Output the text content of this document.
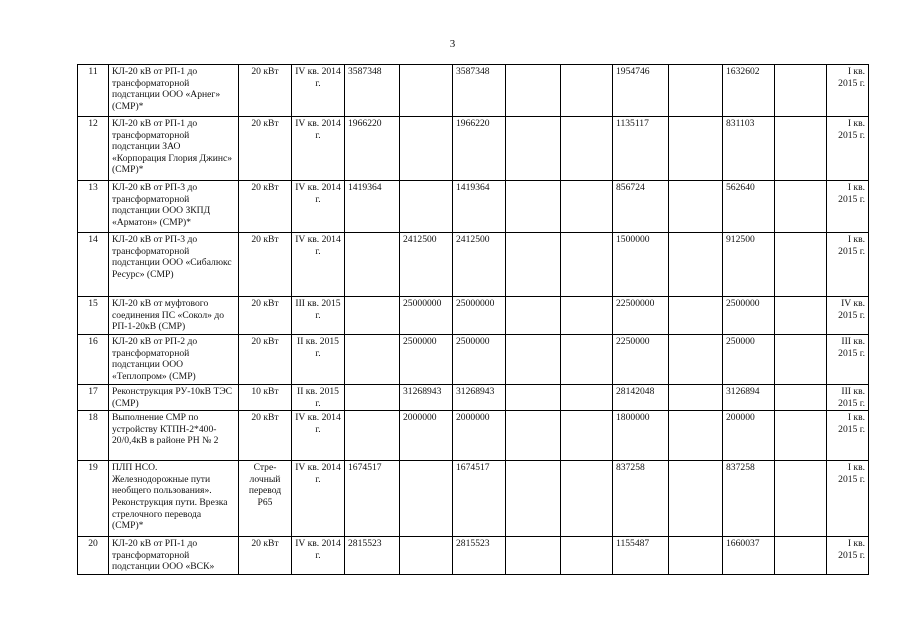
3
11	КЛ-20 кВ от РП-1 до трансформаторной подстанции ООО «Арнег» (СМР)*	20 кВт	IV кв. 2014 г.	3587348		3587348			1954746		1632602		I кв. 2015 г.
12	КЛ-20 кВ от РП-1 до трансформаторной подстанции ЗАО «Корпорация Глория Джинс» (СМР)*	20 кВт	IV кв. 2014 г.	1966220		1966220			1135117		831103		I кв. 2015 г.
13	КЛ-20 кВ от РП-3 до трансформаторной подстанции ООО ЗКПД «Арматон» (СМР)*	20 кВт	IV кв. 2014 г.	1419364		1419364			856724		562640		I кв. 2015 г.
14	КЛ-20 кВ от РП-3 до трансформаторной подстанции ООО «Сибалюкс Ресурс» (СМР)	20 кВт	IV кв. 2014 г.		2412500	2412500			1500000		912500		I кв. 2015 г.
15	КЛ-20 кВ от муфтового соединения ПС «Сокол» до РП-1-20кВ (СМР)	20 кВт	III кв. 2015 г.		25000000	25000000			22500000		2500000		IV кв. 2015 г.
16	КЛ-20 кВ от РП-2 до трансформаторной подстанции ООО «Теплопром» (СМР)	20 кВт	II кв. 2015 г.		2500000	2500000			2250000		250000		III кв. 2015 г.
17	Реконструкция РУ-10кВ ТЭС (СМР)	10 кВт	II кв. 2015 г.		31268943	31268943			28142048		3126894		III кв. 2015 г.
18	Выполнение СМР по устройству КТПН-2*400-20/0,4кВ в районе РН № 2	20 кВт	IV кв. 2014 г.		2000000	2000000			1800000		200000		I кв. 2015 г.
19	ПЛП НСО. Железнодорожные пути необщего пользования». Реконструкция пути. Врезка стрелочного перевода (СМР)*	Стре-лочный перевод Р65	IV кв. 2014 г.	1674517		1674517			837258		837258		I кв. 2015 г.
20	КЛ-20 кВ от РП-1 до трансформаторной подстанции ООО «ВСК»	20 кВт	IV кв. 2014 г.	2815523		2815523			1155487		1660037		I кв. 2015 г.
